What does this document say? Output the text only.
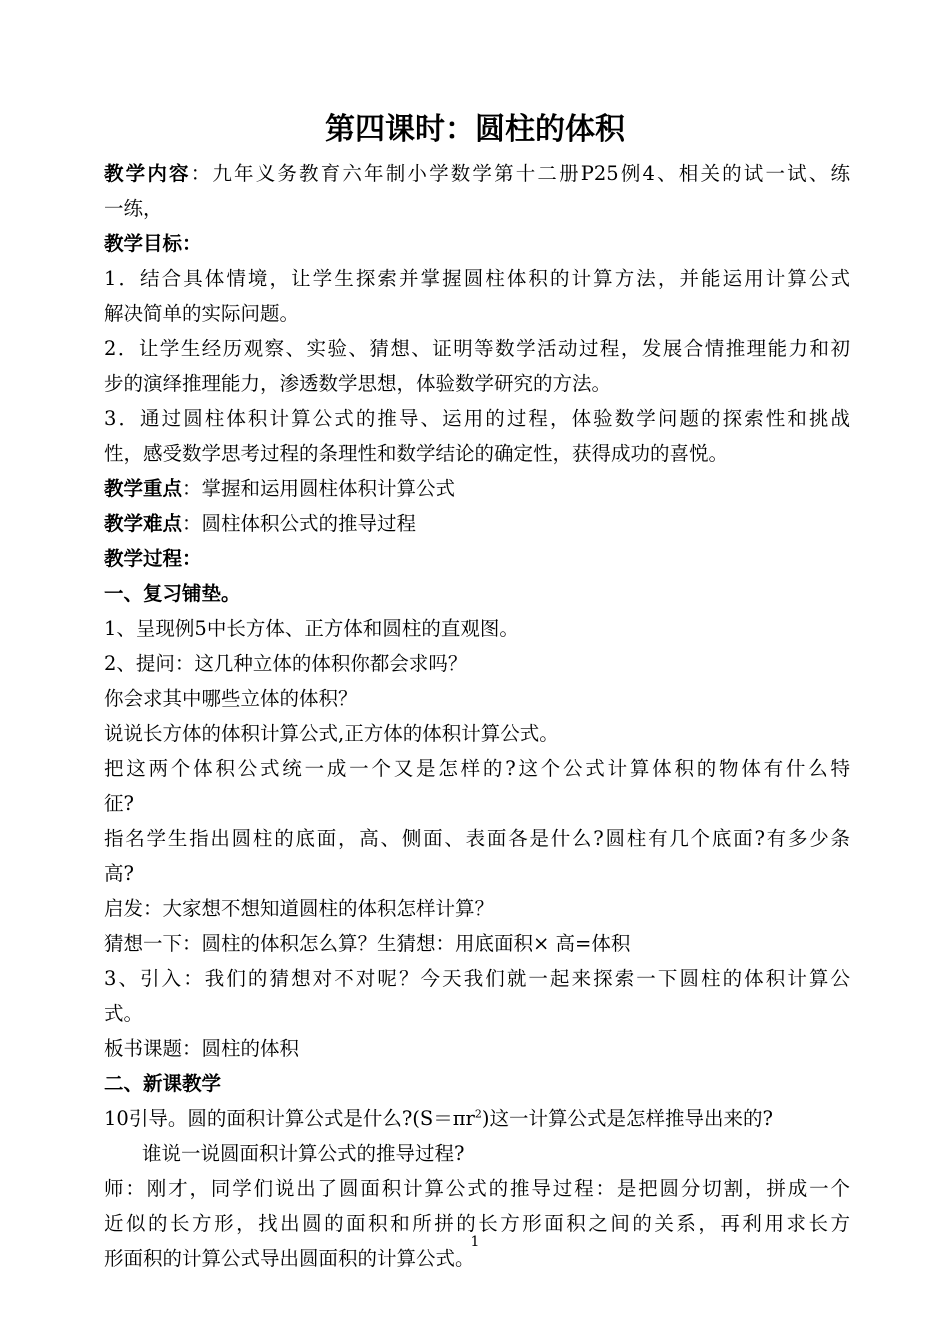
第四课时：圆柱的体积
教学内容：九年义务教育六年制小学数学第十二册P25例4、相关的试一试、练
一练，
教学目标：
1．结合具体情境，让学生探索并掌握圆柱体积的计算方法，并能运用计算公式
解决简单的实际问题。
2．让学生经历观察、实验、猜想、证明等数学活动过程，发展合情推理能力和初
步的演绎推理能力，渗透数学思想，体验数学研究的方法。
3．通过圆柱体积计算公式的推导、运用的过程，体验数学问题的探索性和挑战
性，感受数学思考过程的条理性和数学结论的确定性，获得成功的喜悦。
教学重点：掌握和运用圆柱体积计算公式
教学难点：圆柱体积公式的推导过程
教学过程：
一、复习铺垫。
1、呈现例5中长方体、正方体和圆柱的直观图。
2、提问：这几种立体的体积你都会求吗？
你会求其中哪些立体的体积？
说说长方体的体积计算公式,正方体的体积计算公式。
把这两个体积公式统一成一个又是怎样的?这个公式计算体积的物体有什么特
征?
指名学生指出圆柱的底面，高、侧面、表面各是什么?圆柱有几个底面?有多少条
高?
启发：大家想不想知道圆柱的体积怎样计算？
猜想一下：圆柱的体积怎么算？生猜想：用底面积× 高=体积
3、引入：我们的猜想对不对呢？今天我们就一起来探索一下圆柱的体积计算公
式。
板书课题：圆柱的体积
二、新课教学
10引导。圆的面积计算公式是什么$?(S=\pi r^2)$这一计算公式是怎样推导出来的?
谁说一说圆面积计算公式的推导过程?
师：刚才，同学们说出了圆面积计算公式的推导过程：是把圆分切割，拼成一个
近似的长方形，找出圆的面积和所拼的长方形面积之间的关系，再利用求长方
形面积的计算公式导出圆面积的计算公式。
1
